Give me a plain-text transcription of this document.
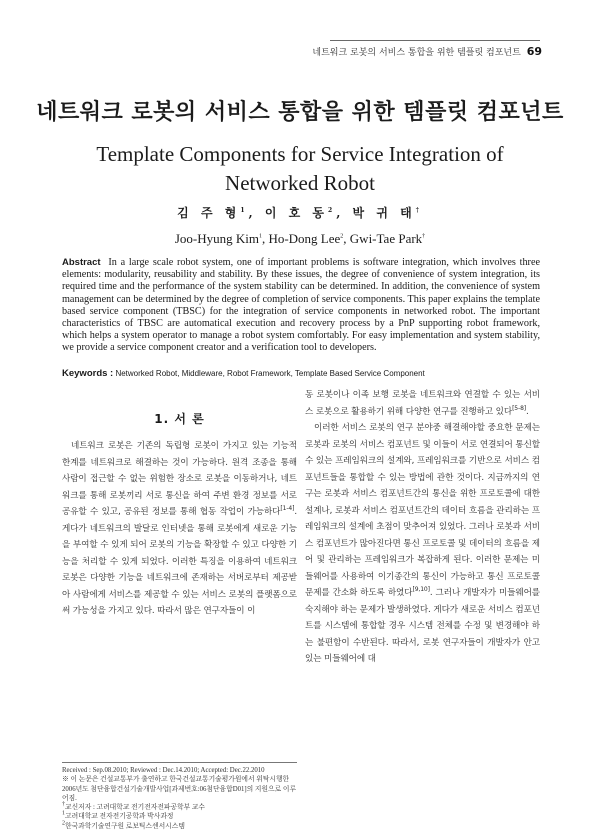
네트워크 로봇의 서비스 통합을 위한 템플릿 컴포넌트 69
네트워크 로봇의 서비스 통합을 위한 템플릿 컴포넌트
Template Components for Service Integration of Networked Robot
김 주 형$^1$, 이 호 동$^2$, 박 귀 태†
Joo-Hyung Kim$^1$, Ho-Dong Lee$^2$, Gwi-Tae Park†
Abstract In a large scale robot system, one of important problems is software integration, which involves three elements: modularity, reusability and stability. By these issues, the degree of convenience of system integration, its required time and the performance of the system stability can be determined. In addition, the convenience of system management can be determined by the degree of completion of service components. This paper explains the template based service component (TBSC) for the integration of service components in networked robot. The important characteristics of TBSC are automatical execution and recovery process by a PnP supporting robot framework, which helps a system operator to manage a robot system comfortably. For easy implementation and system stability, we provide a service component creator and a verification tool to developers.
Keywords : Networked Robot, Middleware, Robot Framework, Template Based Service Component
1. 서 론

네트워크 로봇은 기존의 독립형 로봇이 가지고 있는 기능적 한계를 네트워크로 해결하는 것이 가능하다. 원격 조종을 통해 사람이 접근할 수 없는 위험한 장소로 로봇을 이동하거나, 네트워크를 통해 로봇끼리 서로 통신을 하여 주변 환경 정보를 서로 공유할 수 있고, 공유된 정보를 통해 협동 작업이 가능하다[1-4]. 게다가 네트워크의 발달로 인터넷을 통해 로봇에게 새로운 기능을 부여할 수 있게 되어 로봇의 기능을 확장할 수 있고 다양한 기능을 처리할 수 있게 되었다. 이러한 특징을 이용하여 네트워크 로봇은 다양한 기능을 네트워크에 존재하는 서버로부터 제공받아 사람에게 서비스를 제공할 수 있는 서비스 로봇의 플랫폼으로써 가능성을 가지고 있다. 따라서 많은 연구자들이 이

동 로봇이나 이족 보행 로봇을 네트워크와 연결할 수 있는 서비스 로봇으로 활용하기 위해 다양한 연구를 진행하고 있다[5-8].

이러한 서비스 로봇의 연구 분야중 해결해야할 중요한 문제는 로봇과 로봇의 서비스 컴포넌트 및 이들이 서로 연결되어 통신할 수 있는 프레임워크의 설계와, 프레임워크를 기반으로 서비스 컴포넌트들을 통합할 수 있는 방법에 관한 것이다. 지금까지의 연구는 로봇과 서비스 컴포넌트간의 통신을 위한 프로토콜에 대한 설계나, 로봇과 서비스 컴포넌트간의 데이터 흐름을 관리하는 프레임워크의 설계에 초점이 맞추어져 있었다. 그러나 로봇과 서비스 컴포넌트가 많아진다면 통신 프로토콜 및 데이터의 흐름을 제어 및 관리하는 프레임워크가 복잡하게 된다. 이러한 문제는 미들웨어를 사용하여 이기종간의 통신이 가능하고 통신 프로토콜 문제를 간소화 하도록 하였다[9,10]. 그러나 개발자가 미들웨어를 숙지해야 하는 문제가 발생하였다. 게다가 새로운 서비스 컴포넌트를 시스템에 통합할 경우 시스템 전체를 수정 및 변경해야 하는 불편함이 수반된다. 따라서, 로봇 연구자들이 개발자가 안고 있는 미들웨어에 대

Received : Sep.08.2010; Reviewed : Dec.14.2010; Accepted: Dec.22.2010
※ 이 논문은 건설교통부가 출연하고 한국건설교통기술평가원에서 위탁시행한 2006년도 첨단융합건설기술개발사업[과제번호:06첨단융합D01]의 지원으로 이루어짐.
†교신저자 : 고려대학교 전기전자전파공학부 교수
$^1$고려대학교 전자전기공학과 박사과정
$^2$한국과학기술연구원 로보틱스센서시스템
